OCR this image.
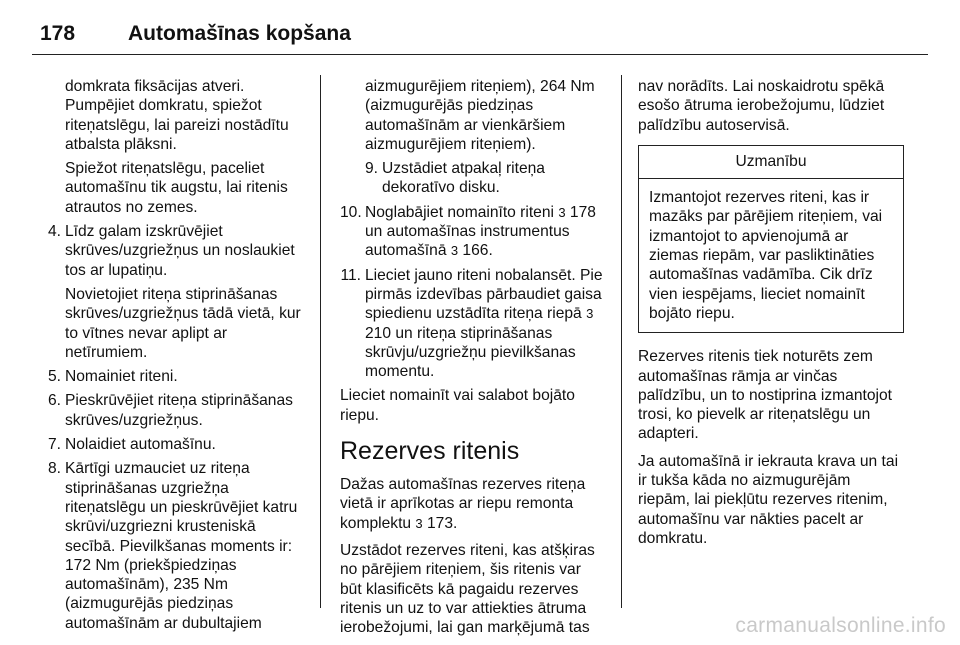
178	Automašīnas kopšana

domkrata fiksācijas atveri. Pumpējiet domkratu, spiežot riteņatslēgu, lai pareizi nostādītu atbalsta plāksni.

Spiežot riteņatslēgu, paceliet automašīnu tik augstu, lai ritenis atrautos no zemes.

4. Līdz galam izskrūvējiet skrūves/uzgriežņus un noslaukiet tos ar lupatiņu.

Novietojiet riteņa stiprināšanas skrūves/uzgriežņus tādā vietā, kur to vītnes nevar aplipt ar netīrumiem.

5. Nomainiet riteni.
6. Pieskrūvējiet riteņa stiprināšanas skrūves/uzgriežņus.
7. Nolaidiet automašīnu.
8. Kārtīgi uzmauciet uz riteņa stiprināšanas uzgriežņa riteņatslēgu un pieskrūvējiet katru skrūvi/uzgriezni krusteniskā secībā. Pievilkšanas moments ir: 172 Nm (priekšpiedziņas automašīnām), 235 Nm (aizmugurējās piedziņas automašīnām ar dubultajiem

aizmugurējiem riteņiem), 264 Nm (aizmugurējās piedziņas automašīnām ar vienkāršiem aizmugurējiem riteņiem).

9. Uzstādiet atpakaļ riteņa dekoratīvo disku.
10. Noglabājiet nomainīto riteni 3 178 un automašīnas instrumentus automašīnā 3 166.
11. Lieciet jauno riteni nobalansēt. Pie pirmās izdevības pārbaudiet gaisa spiedienu uzstādīta riteņa riepā 3 210 un riteņa stiprināšanas skrūvju/uzgriežņu pievilkšanas momentu.

Lieciet nomainīt vai salabot bojāto riepu.

Rezerves ritenis

Dažas automašīnas rezerves riteņa vietā ir aprīkotas ar riepu remonta komplektu 3 173.

Uzstādot rezerves riteni, kas atšķiras no pārējiem riteņiem, šis ritenis var būt klasificēts kā pagaidu rezerves ritenis un uz to var attiekties ātruma ierobežojumi, lai gan marķējumā tas

nav norādīts. Lai noskaidrotu spēkā esošo ātruma ierobežojumu, lūdziet palīdzību autoservisā.

Uzmanību
Izmantojot rezerves riteni, kas ir mazāks par pārējiem riteņiem, vai izmantojot to apvienojumā ar ziemas riepām, var pasliktināties automašīnas vadāmība. Cik drīz vien iespējams, lieciet nomainīt bojāto riepu.

Rezerves ritenis tiek noturēts zem automašīnas rāmja ar vinčas palīdzību, un to nostiprina izmantojot trosi, ko pievelk ar riteņatslēgu un adapteri.

Ja automašīnā ir iekrauta krava un tai ir tukša kāda no aizmugurējām riepām, lai piekļūtu rezerves ritenim, automašīnu var nākties pacelt ar domkratu.

carmanualsonline.info
